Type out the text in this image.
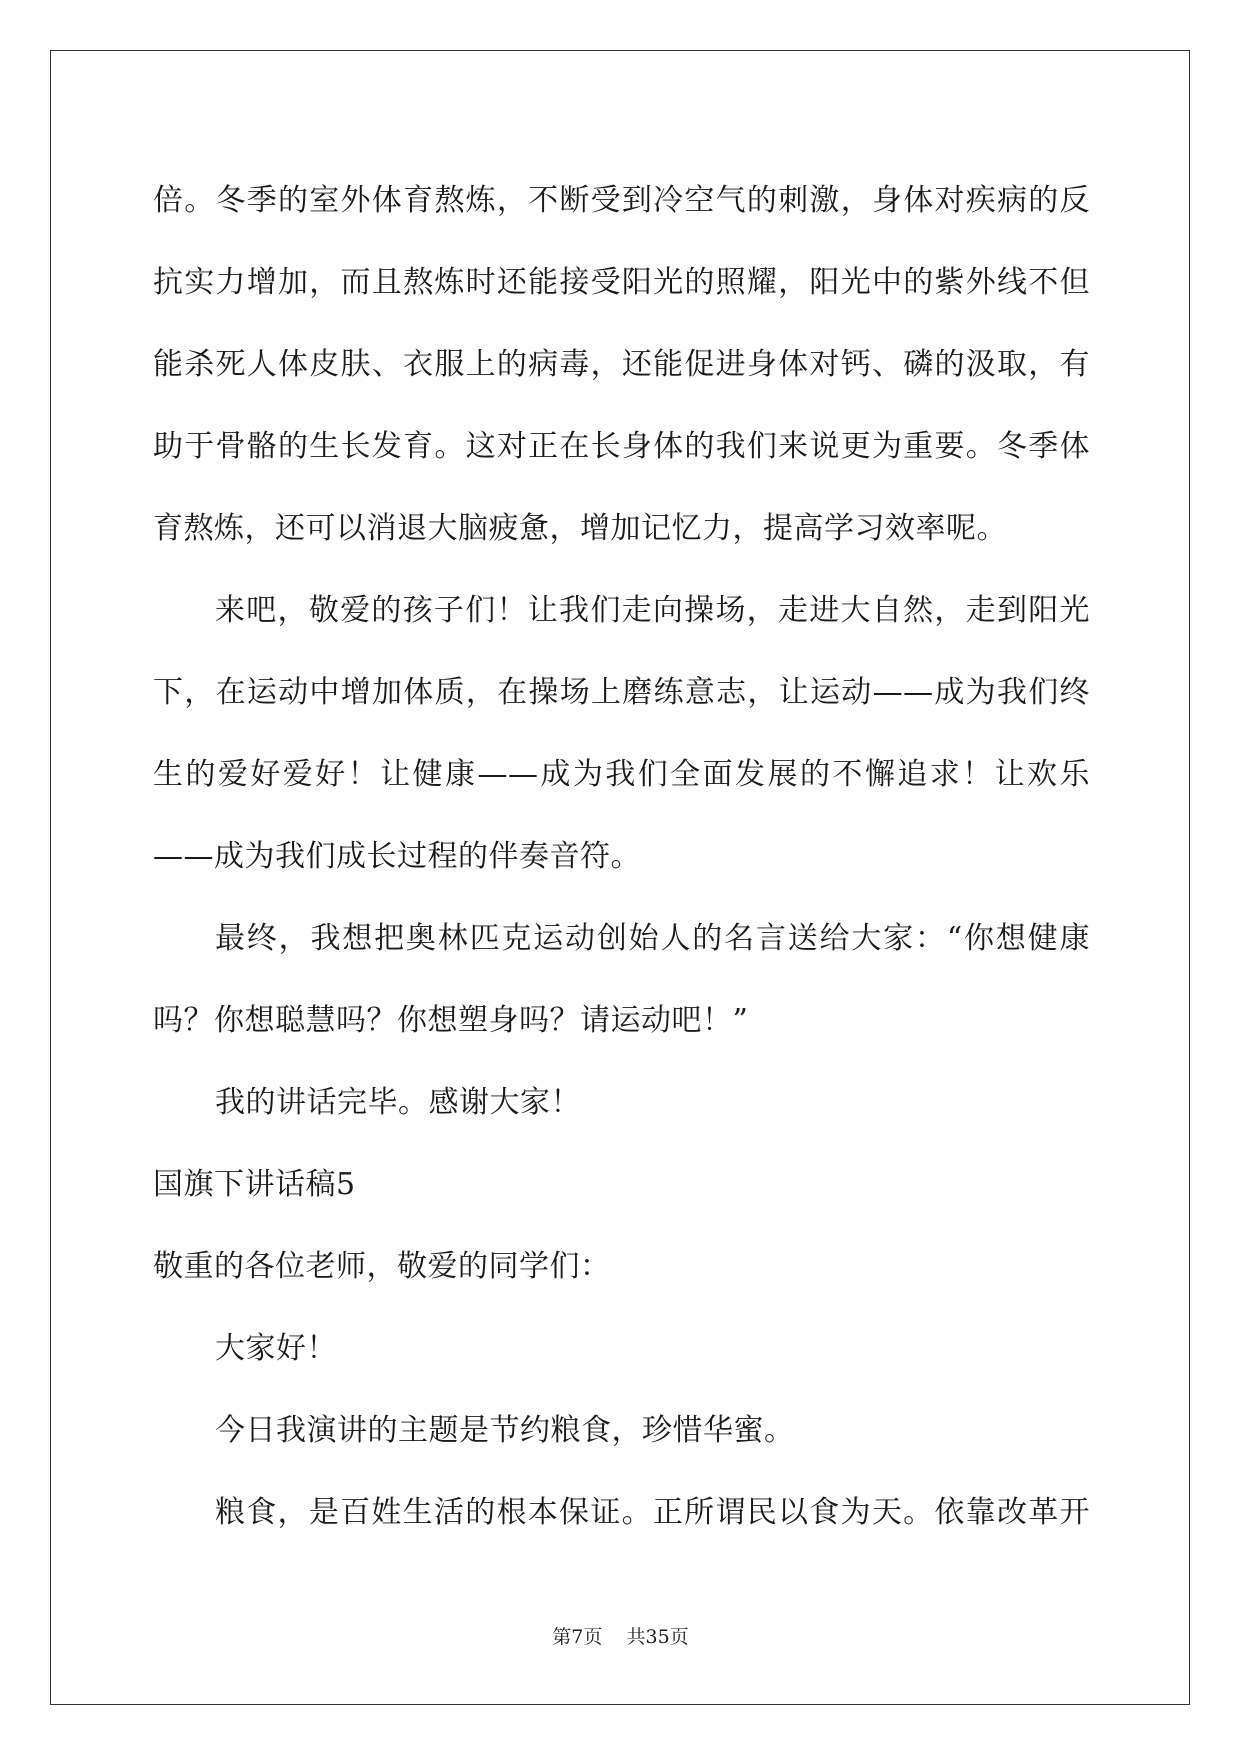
倍。冬季的室外体育熬炼，不断受到冷空气的刺激，身体对疾病的反
抗实力增加，而且熬炼时还能接受阳光的照耀，阳光中的紫外线不但
能杀死人体皮肤、衣服上的病毒，还能促进身体对钙、磷的汲取，有
助于骨骼的生长发育。这对正在长身体的我们来说更为重要。冬季体
育熬炼，还可以消退大脑疲惫，增加记忆力，提高学习效率呢。
来吧，敬爱的孩子们！让我们走向操场，走进大自然，走到阳光
下，在运动中增加体质，在操场上磨练意志，让运动——成为我们终
生的爱好爱好！让健康——成为我们全面发展的不懈追求！让欢乐
——成为我们成长过程的伴奏音符。
最终，我想把奥林匹克运动创始人的名言送给大家：“你想健康
吗？你想聪慧吗？你想塑身吗？请运动吧！”
我的讲话完毕。感谢大家！
国旗下讲话稿5
敬重的各位老师，敬爱的同学们：
大家好！
今日我演讲的主题是节约粮食，珍惜华蜜。
粮食，是百姓生活的根本保证。正所谓民以食为天。依靠改革开
第7页 共35页
